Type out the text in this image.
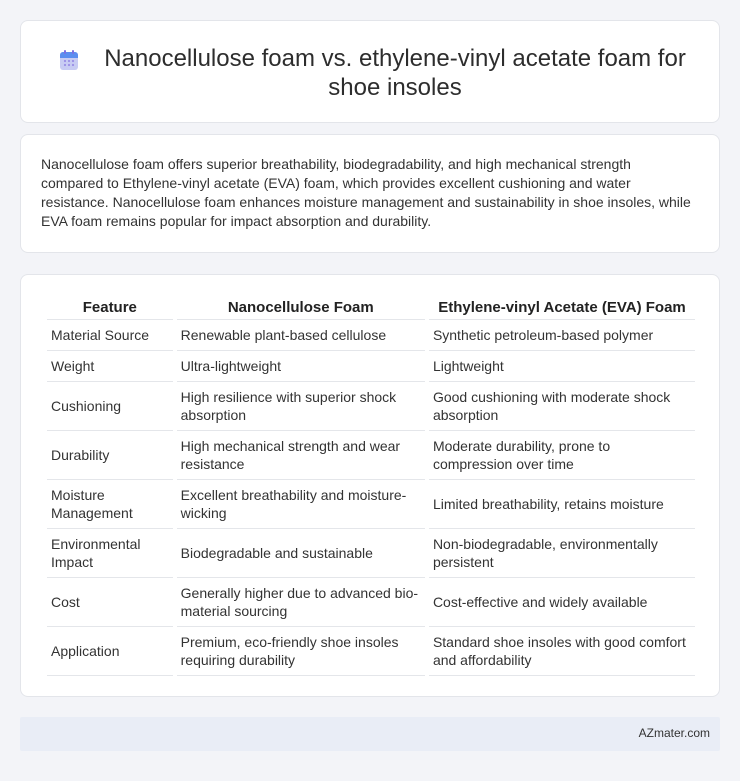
Nanocellulose foam vs. ethylene-vinyl acetate foam for shoe insoles

Nanocellulose foam offers superior breathability, biodegradability, and high mechanical strength compared to Ethylene-vinyl acetate (EVA) foam, which provides excellent cushioning and water resistance. Nanocellulose foam enhances moisture management and sustainability in shoe insoles, while EVA foam remains popular for impact absorption and durability.

Feature	Nanocellulose Foam	Ethylene-vinyl Acetate (EVA) Foam
Material Source	Renewable plant-based cellulose	Synthetic petroleum-based polymer
Weight	Ultra-lightweight	Lightweight
Cushioning	High resilience with superior shock absorption	Good cushioning with moderate shock absorption
Durability	High mechanical strength and wear resistance	Moderate durability, prone to compression over time
Moisture Management	Excellent breathability and moisture-wicking	Limited breathability, retains moisture
Environmental Impact	Biodegradable and sustainable	Non-biodegradable, environmentally persistent
Cost	Generally higher due to advanced bio-material sourcing	Cost-effective and widely available
Application	Premium, eco-friendly shoe insoles requiring durability	Standard shoe insoles with good comfort and affordability
AZmater.com
